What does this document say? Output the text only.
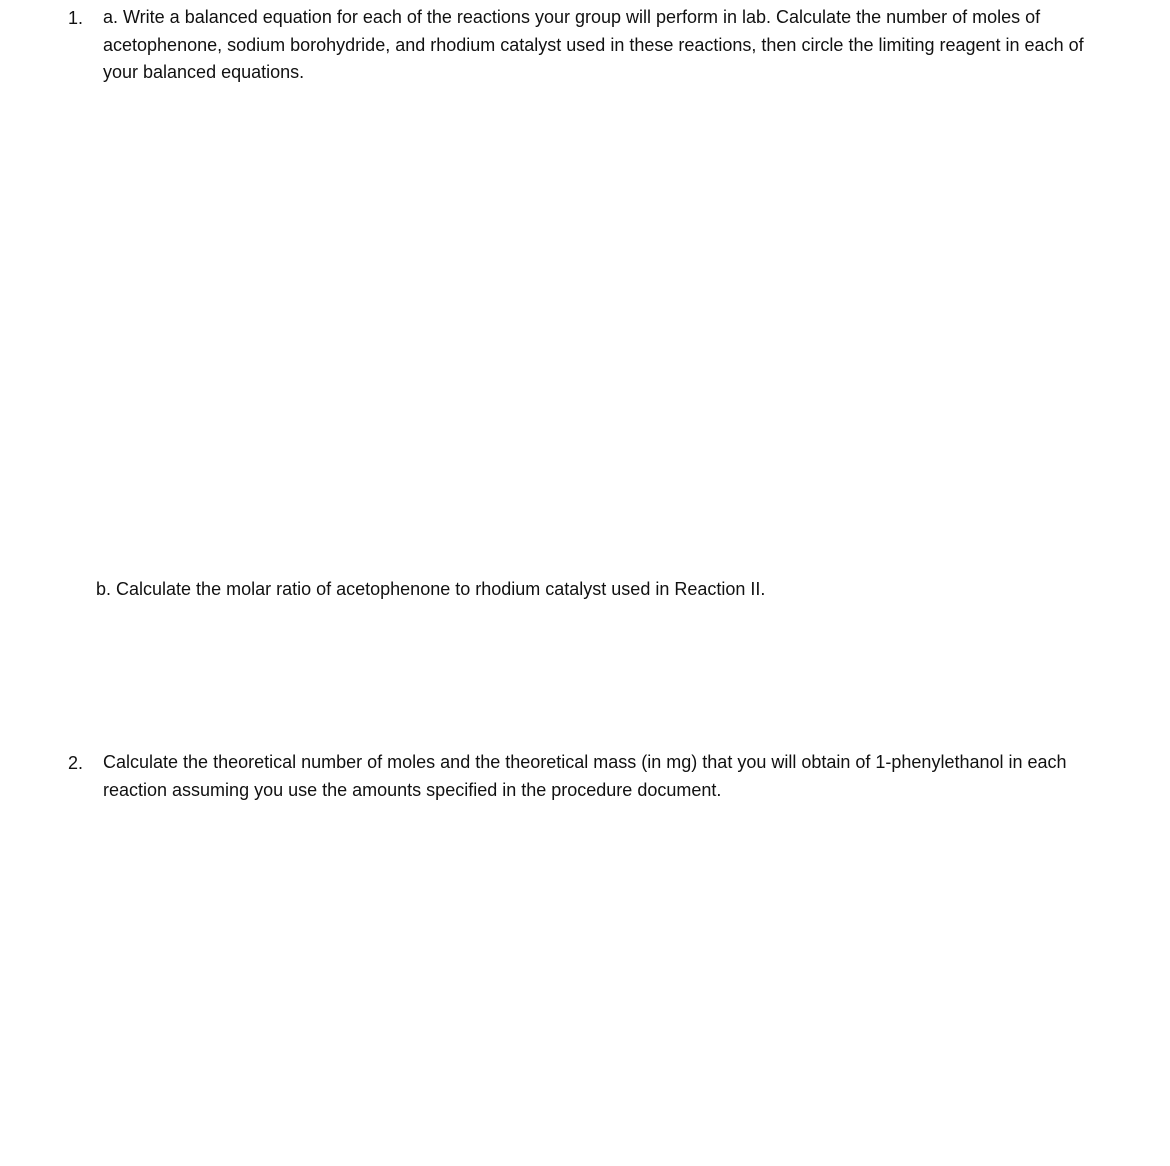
1. a. Write a balanced equation for each of the reactions your group will perform in lab. Calculate the number of moles of acetophenone, sodium borohydride, and rhodium catalyst used in these reactions, then circle the limiting reagent in each of your balanced equations.

b. Calculate the molar ratio of acetophenone to rhodium catalyst used in Reaction II.

2. Calculate the theoretical number of moles and the theoretical mass (in mg) that you will obtain of 1-phenylethanol in each reaction assuming you use the amounts specified in the procedure document.
